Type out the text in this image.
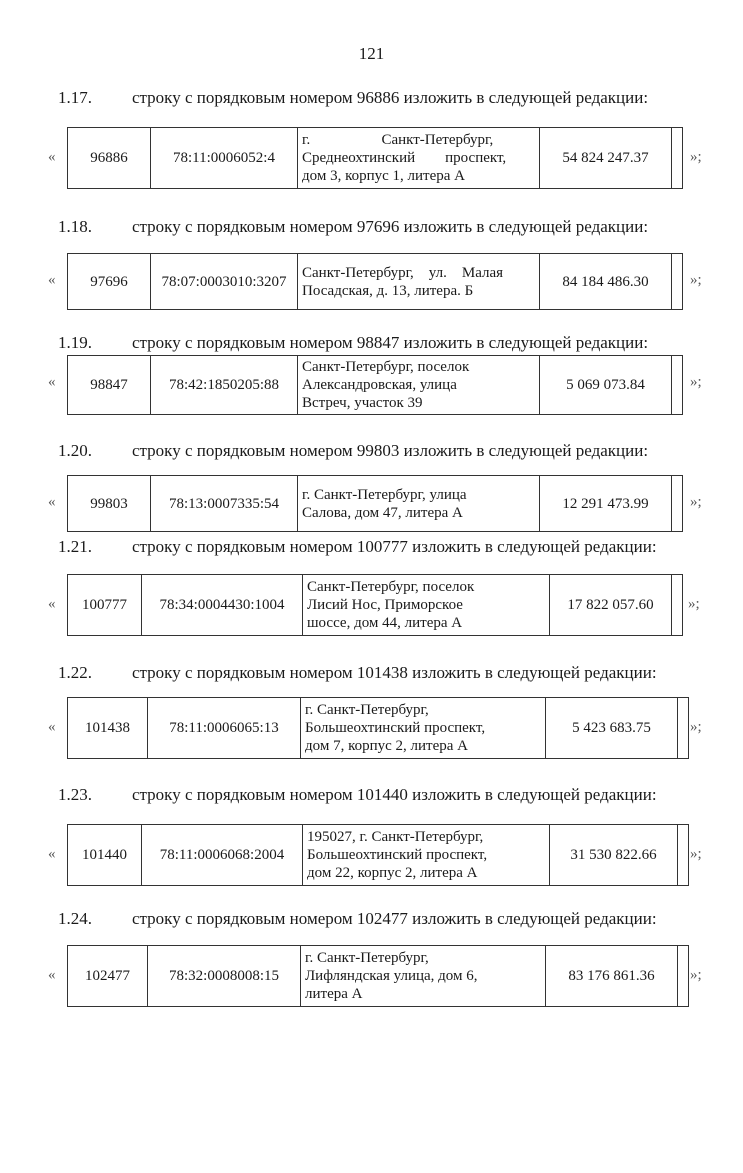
121
1.17. строку с порядковым номером 96886 изложить в следующей редакции:
« 96886	78:11:0006052:4	
г.                   Санкт-Петербург,
Среднеохтинский        проспект,
дом 3, корпус 1, литера А
	54 824 247.37		»;
1.18. строку с порядковым номером 97696 изложить в следующей редакции:
« 97696	78:07:0003010:3207	
Санкт-Петербург,    ул.    Малая
Посадская, д. 13, литера. Б
	84 184 486.30		»;
1.19. строку с порядковым номером 98847 изложить в следующей редакции:
« 98847	78:42:1850205:88	
Санкт-Петербург, поселок
Александровская, улица
Встреч, участок 39
	5 069 073.84		»;
1.20. строку с порядковым номером 99803 изложить в следующей редакции:
« 99803	78:13:0007335:54	
г. Санкт-Петербург, улица
Салова, дом 47, литера А
	12 291 473.99		»;
1.21. строку с порядковым номером 100777 изложить в следующей редакции:
« 100777	78:34:0004430:1004	
Санкт-Петербург, поселок
Лисий Нос, Приморское
шоссе, дом 44, литера А
	17 822 057.60	»;
1.22. строку с порядковым номером 101438 изложить в следующей редакции:
« 101438	78:11:0006065:13	
г. Санкт-Петербург,
Большеохтинский проспект,
дом 7, корпус 2, литера А
	5 423 683.75		»;
1.23. строку с порядковым номером 101440 изложить в следующей редакции:
« 101440	78:11:0006068:2004	
195027, г. Санкт-Петербург,
Большеохтинский проспект,
дом 22, корпус 2, литера А
	31 530 822.66	»;
1.24. строку с порядковым номером 102477 изложить в следующей редакции:
« 102477	78:32:0008008:15	
г. Санкт-Петербург,
Лифляндская улица, дом 6,
литера А
	83 176 861.36	»;
